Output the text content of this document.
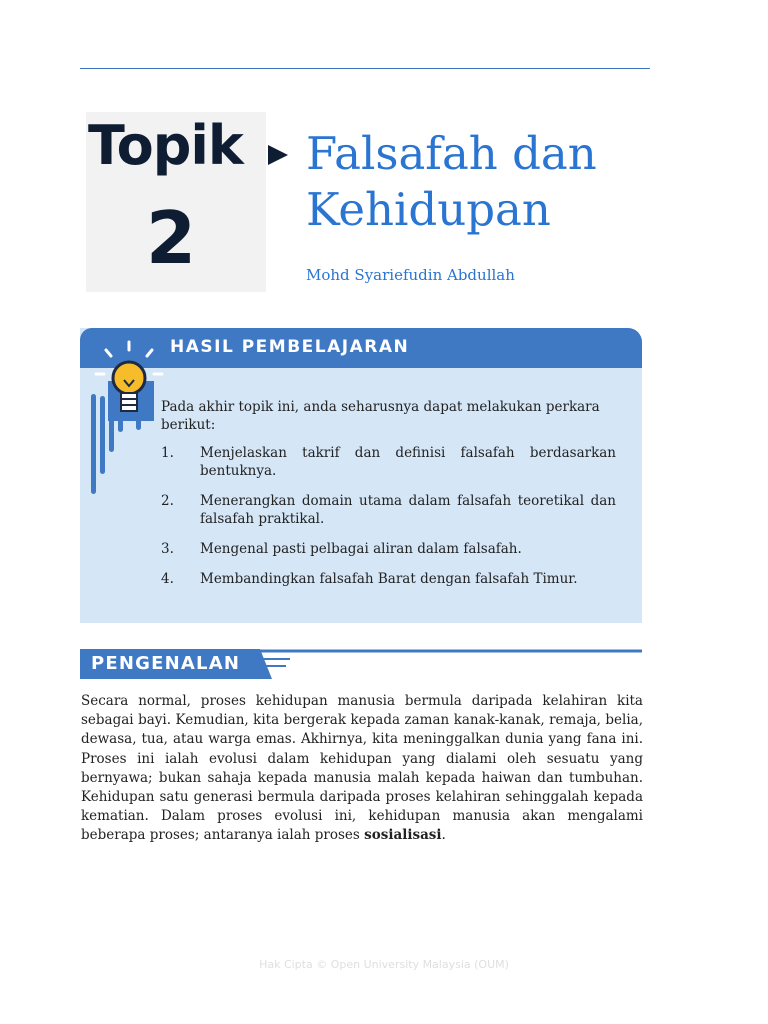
Topik
2
Falsafah dan
Kehidupan
Mohd Syariefudin Abdullah
HASIL PEMBELAJARAN

Pada akhir topik ini, anda seharusnya dapat melakukan perkara berikut:

1.	Menjelaskan takrif dan definisi falsafah berdasarkan bentuknya.
2.	Menerangkan domain utama dalam falsafah teoretikal dan falsafah praktikal.
3.	Mengenal pasti pelbagai aliran dalam falsafah.
4.	Membandingkan falsafah Barat dengan falsafah Timur.
PENGENALAN

Secara normal, proses kehidupan manusia bermula daripada kelahiran kita sebagai bayi. Kemudian, kita bergerak kepada zaman kanak-kanak, remaja, belia, dewasa, tua, atau warga emas. Akhirnya, kita meninggalkan dunia yang fana ini. Proses ini ialah evolusi dalam kehidupan yang dialami oleh sesuatu yang bernyawa; bukan sahaja kepada manusia malah kepada haiwan dan tumbuhan. Kehidupan satu generasi bermula daripada proses kelahiran sehinggalah kepada kematian. Dalam proses evolusi ini, kehidupan manusia akan mengalami beberapa proses; antaranya ialah proses sosialisasi.

Hak Cipta © Open University Malaysia (OUM)
